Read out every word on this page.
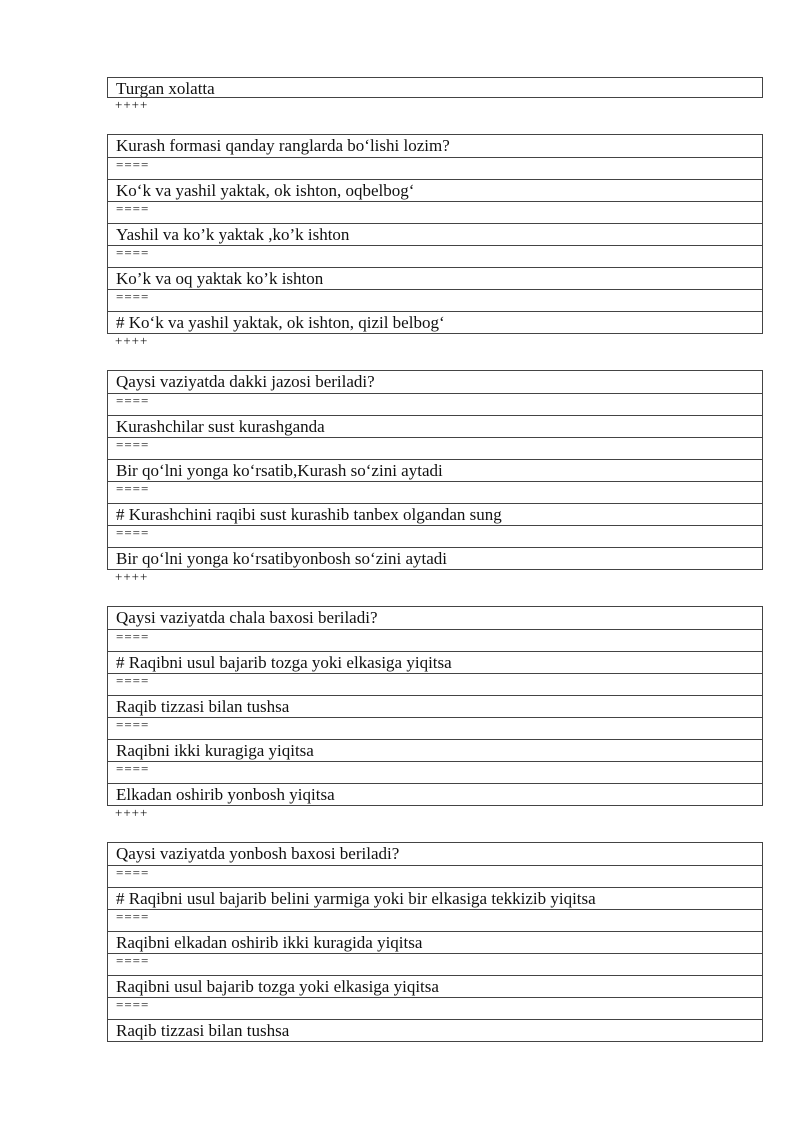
Turgan xolatta
++++
Kurash formasi qanday ranglarda bo‘lishi lozim?
====
Ko‘k va yashil yaktak, ok ishton, oqbelbog‘
====
Yashil va ko’k yaktak ,ko’k ishton
====
Ko’k va oq yaktak ko’k ishton
====
# Ko‘k va yashil yaktak, ok ishton, qizil belbog‘
++++
Qaysi vaziyatda dakki jazosi beriladi?
====
Kurashchilar sust kurashganda
====
Bir qo‘lni yonga ko‘rsatib,Kurash so‘zini aytadi
====
# Kurashchini raqibi sust kurashib tanbex olgandan sung
====
Bir qo‘lni yonga ko‘rsatibyonbosh so‘zini aytadi
++++
Qaysi vaziyatda chala baxosi beriladi?
====
# Raqibni usul bajarib tozga yoki elkasiga yiqitsa
====
Raqib tizzasi bilan tushsa
====
Raqibni ikki kuragiga yiqitsa
====
Elkadan oshirib yonbosh yiqitsa
++++
Qaysi vaziyatda yonbosh baxosi beriladi?
====
# Raqibni usul bajarib belini yarmiga yoki bir elkasiga tekkizib yiqitsa
====
Raqibni elkadan oshirib ikki kuragida yiqitsa
====
Raqibni usul bajarib tozga yoki elkasiga yiqitsa
====
Raqib tizzasi bilan tushsa
